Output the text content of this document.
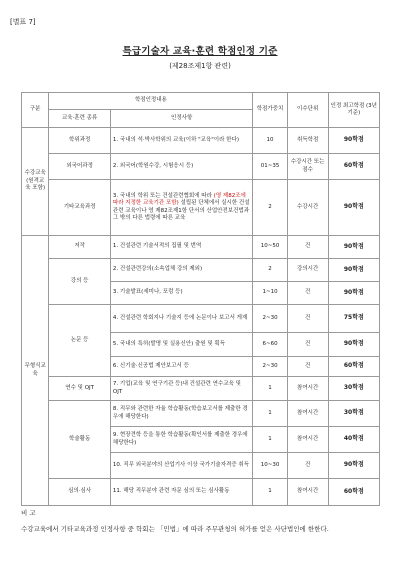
[별표 7]
특급기술자 교육·훈련 학점인정 기준
(제28조제1항 관련)
구분	학점인정내용		학점가중치	이수단위	인정 최고학점 (3년 기준)
	교육·훈련 종류	인정사항			
수강교육 (원격교육 포함)	학위과정	1. 국내의 석·박사학위의 교육(이하 "교육"이라 한다)	10	취득학점	90학점
	외국어과정	2. 외국어(학원수강, 시험응시 등)	01~35	수강시간 또는 점수	60학점
	기타교육과정	3. 국내의 학위 또는 건설관련협회에 따라 (영 제82조에 따라 지정한 교육기관 포함) 설립된 단체에서 실시한 건설관련 교육이나 영 제82조제1항 단서의 산업안전보건법과 그 밖의 다른 법령에 따른 교육	2	수강시간	90학점
무형식교육	저작	1. 건설관련 기술서적의 집필 및 번역	10~50	건	90학점
	강의 등	2. 건설관련강의(소속업체 강의 제외)	2	강의시간	90학점
		3. 기술발표(세미나, 포럼 등)	1~10	건	90학점
	논문 등	4. 건설관련 학회지나 기술지 등에 논문이나 보고서 게재	2~30	건	75학점
		5. 국내의 특허(발명 및 실용신안) 출원 및 획득	6~60	건	90학점
		6. 신기술·신공법 제안보고서 등	2~30	건	60학점
	연수 및 OJT	7. 기업(교육 및 연구기관 등)내 건설관련 연수교육 및 OJT	1	참여시간	30학점
	학술활동	8. 직무와 관련한 자율 학습활동(학습보고서를 제출한 경우에 해당한다)	1	참여시간	30학점
		9. 현장견학 등을 통한 학습활동(확인서를 제출한 경우에 해당한다)	1	참여시간	40학점
		10. 직무 외국분야의 산업기사 이상 국가기술자격증 취득	10~30	건	90학점
	심의·심사	11. 해당 직무분야 관련 자문 심의 또는 심사활동	1	참여시간	60학점
비 고
수강교육에서 기타교육과정 인정사항 중 학회는 「민법」에 따라 주무관청의 허가를 얻은 사단법인에 한한다.
